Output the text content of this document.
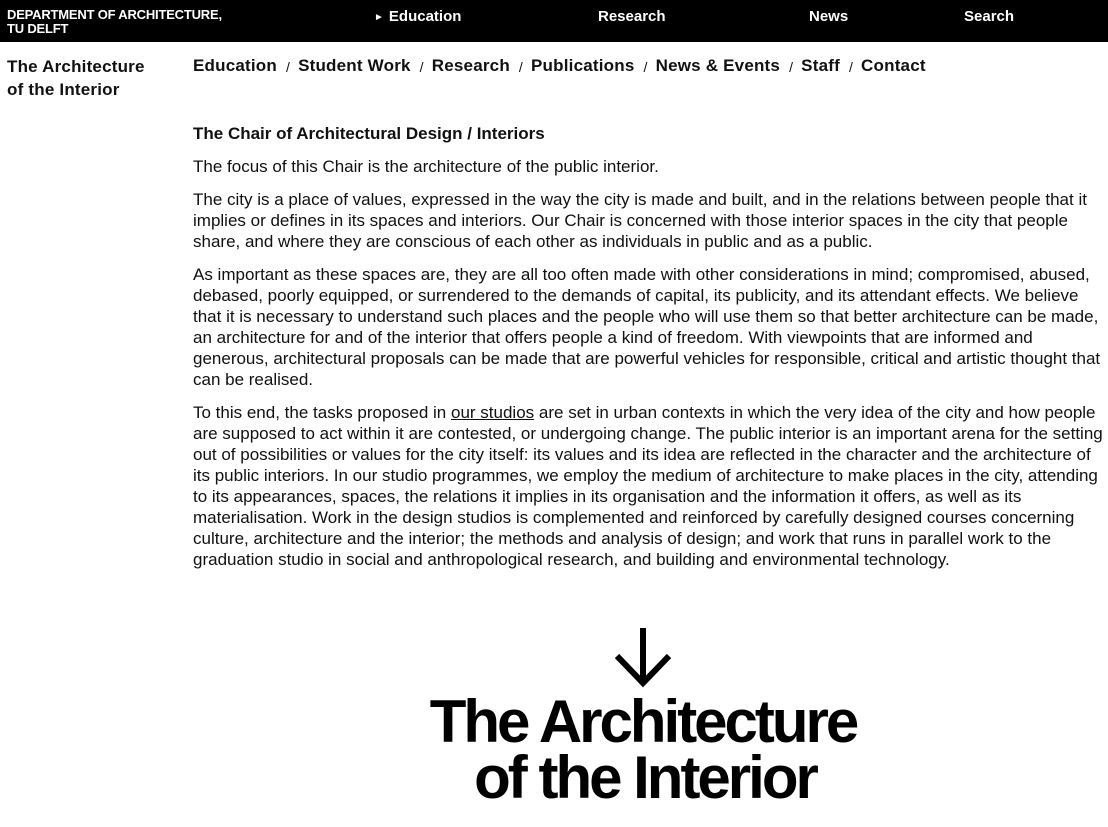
DEPARTMENT OF ARCHITECTURE,
TU DELFT
► Education	Research	News	Search
The Architecture
of the Interior
Education / Student Work / Research / Publications / News & Events / Staff / Contact
The Chair of Architectural Design / Interiors

The focus of this Chair is the architecture of the public interior.

The city is a place of values, expressed in the way the city is made and built, and in the relations between people that it implies or defines in its spaces and interiors. Our Chair is concerned with those interior spaces in the city that people share, and where they are conscious of each other as individuals in public and as a public.

As important as these spaces are, they are all too often made with other considerations in mind; compromised, abused, debased, poorly equipped, or surrendered to the demands of capital, its publicity, and its attendant effects. We believe that it is necessary to understand such places and the people who will use them so that better architecture can be made, an architecture for and of the interior that offers people a kind of freedom. With viewpoints that are informed and generous, architectural proposals can be made that are powerful vehicles for responsible, critical and artistic thought that can be realised.

To this end, the tasks proposed in our studios are set in urban contexts in which the very idea of the city and how people are supposed to act within it are contested, or undergoing change. The public interior is an important arena for the setting out of possibilities or values for the city itself: its values and its idea are reflected in the character and the architecture of its public interiors. In our studio programmes, we employ the medium of architecture to make places in the city, attending to its appearances, spaces, the relations it implies in its organisation and the information it offers, as well as its materialisation. Work in the design studios is complemented and reinforced by carefully designed courses concerning culture, architecture and the interior; the methods and analysis of design; and work that runs in parallel work to the graduation studio in social and anthropological research, and building and environmental technology.

The Architecture
of the Interior
